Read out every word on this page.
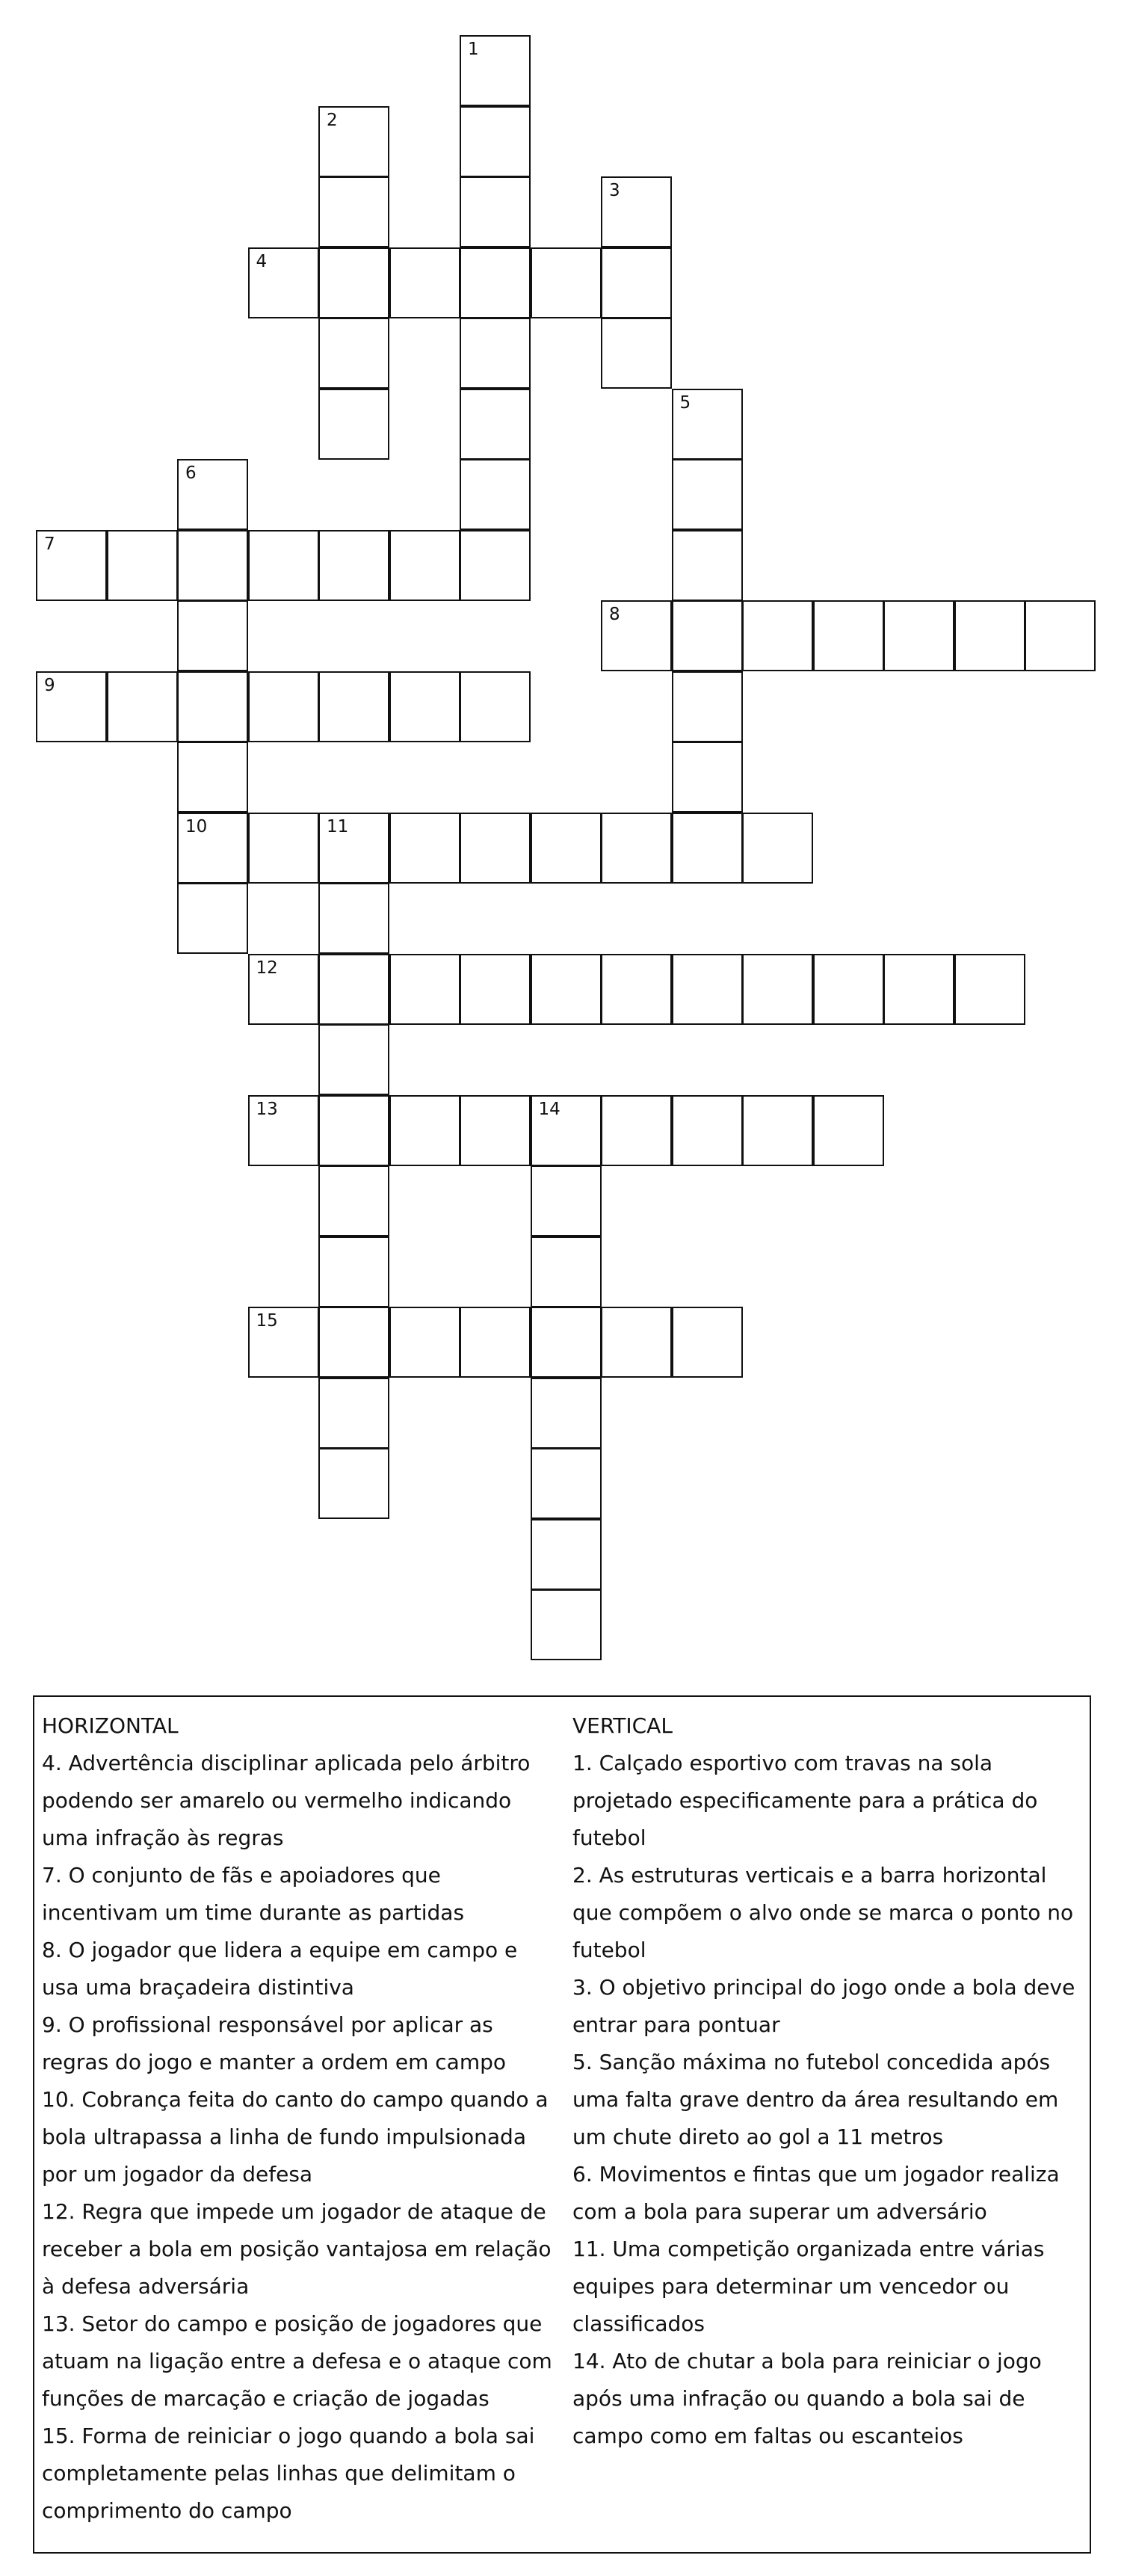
1
2
3
4
5
6
10
7
8
9
11
12
13	14
15
HORIZONTAL
4. Advertência disciplinar aplicada pelo árbitro podendo ser amarelo ou vermelho indicando uma infração às regras
7. O conjunto de fãs e apoiadores que incentivam um time durante as partidas
8. O jogador que lidera a equipe em campo e usa uma braçadeira distintiva
9. O profissional responsável por aplicar as regras do jogo e manter a ordem em campo
10. Cobrança feita do canto do campo quando a bola ultrapassa a linha de fundo impulsionada por um jogador da defesa
12. Regra que impede um jogador de ataque de receber a bola em posição vantajosa em relação à defesa adversária
13. Setor do campo e posição de jogadores que atuam na ligação entre a defesa e o ataque com funções de marcação e criação de jogadas
15. Forma de reiniciar o jogo quando a bola sai completamente pelas linhas que delimitam o comprimento do campo
VERTICAL
1. Calçado esportivo com travas na sola projetado especificamente para a prática do futebol
2. As estruturas verticais e a barra horizontal que compõem o alvo onde se marca o ponto no futebol
3. O objetivo principal do jogo onde a bola deve entrar para pontuar
5. Sanção máxima no futebol concedida após uma falta grave dentro da área resultando em um chute direto ao gol a 11 metros
6. Movimentos e fintas que um jogador realiza com a bola para superar um adversário
11. Uma competição organizada entre várias equipes para determinar um vencedor ou classificados
14. Ato de chutar a bola para reiniciar o jogo após uma infração ou quando a bola sai de campo como em faltas ou escanteios
